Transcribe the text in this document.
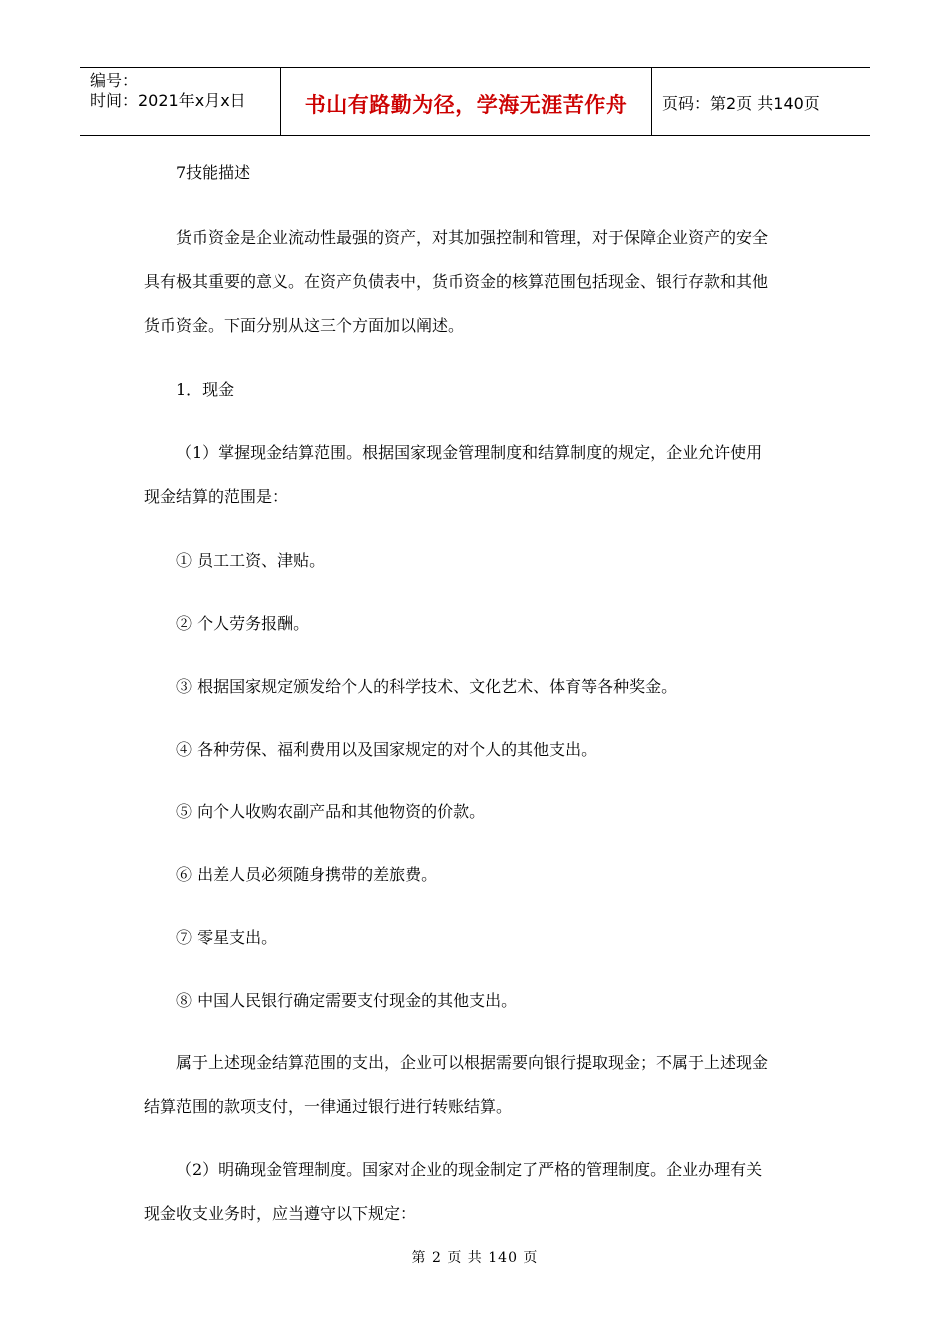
编号：
时间：2021年x月x日	书山有路勤为径，学海无涯苦作舟	页码：第2页 共140页
7技能描述
货币资金是企业流动性最强的资产，对其加强控制和管理，对于保障企业资产的安全
具有极其重要的意义。在资产负债表中，货币资金的核算范围包括现金、银行存款和其他
货币资金。下面分别从这三个方面加以阐述。
1．现金
（1）掌握现金结算范围。根据国家现金管理制度和结算制度的规定，企业允许使用
现金结算的范围是：
① 员工工资、津贴。
② 个人劳务报酬。
③ 根据国家规定颁发给个人的科学技术、文化艺术、体育等各种奖金。
④ 各种劳保、福利费用以及国家规定的对个人的其他支出。
⑤ 向个人收购农副产品和其他物资的价款。
⑥ 出差人员必须随身携带的差旅费。
⑦ 零星支出。
⑧ 中国人民银行确定需要支付现金的其他支出。
属于上述现金结算范围的支出，企业可以根据需要向银行提取现金；不属于上述现金
结算范围的款项支付，一律通过银行进行转账结算。
（2）明确现金管理制度。国家对企业的现金制定了严格的管理制度。企业办理有关
现金收支业务时，应当遵守以下规定：
第 2 页 共 140 页
